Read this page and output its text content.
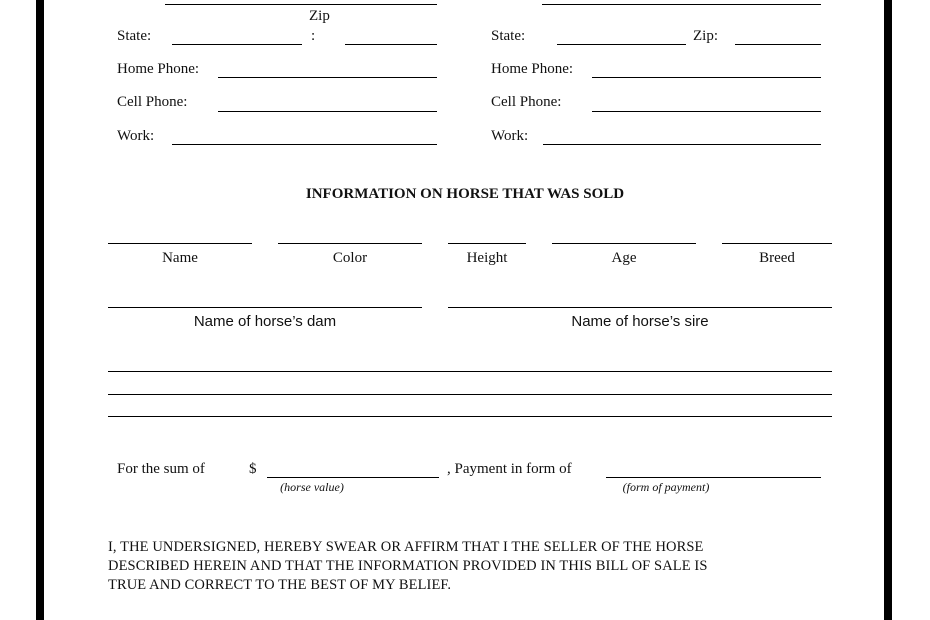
Zip
State:	:
Home Phone:
Cell Phone:
Work:
State:	Zip:
Home Phone:
Cell Phone:
Work:
INFORMATION ON HORSE THAT WAS SOLD
Name	Color	Height	Age	Breed
Name of horse’s dam	Name of horse’s sire
For the sum of	$	, Payment in form of
(horse value)	(form of payment)
I, THE UNDERSIGNED, HEREBY SWEAR OR AFFIRM THAT I THE SELLER OF THE HORSE
DESCRIBED HEREIN AND THAT THE INFORMATION PROVIDED IN THIS BILL OF SALE IS
TRUE AND CORRECT TO THE BEST OF MY BELIEF.
